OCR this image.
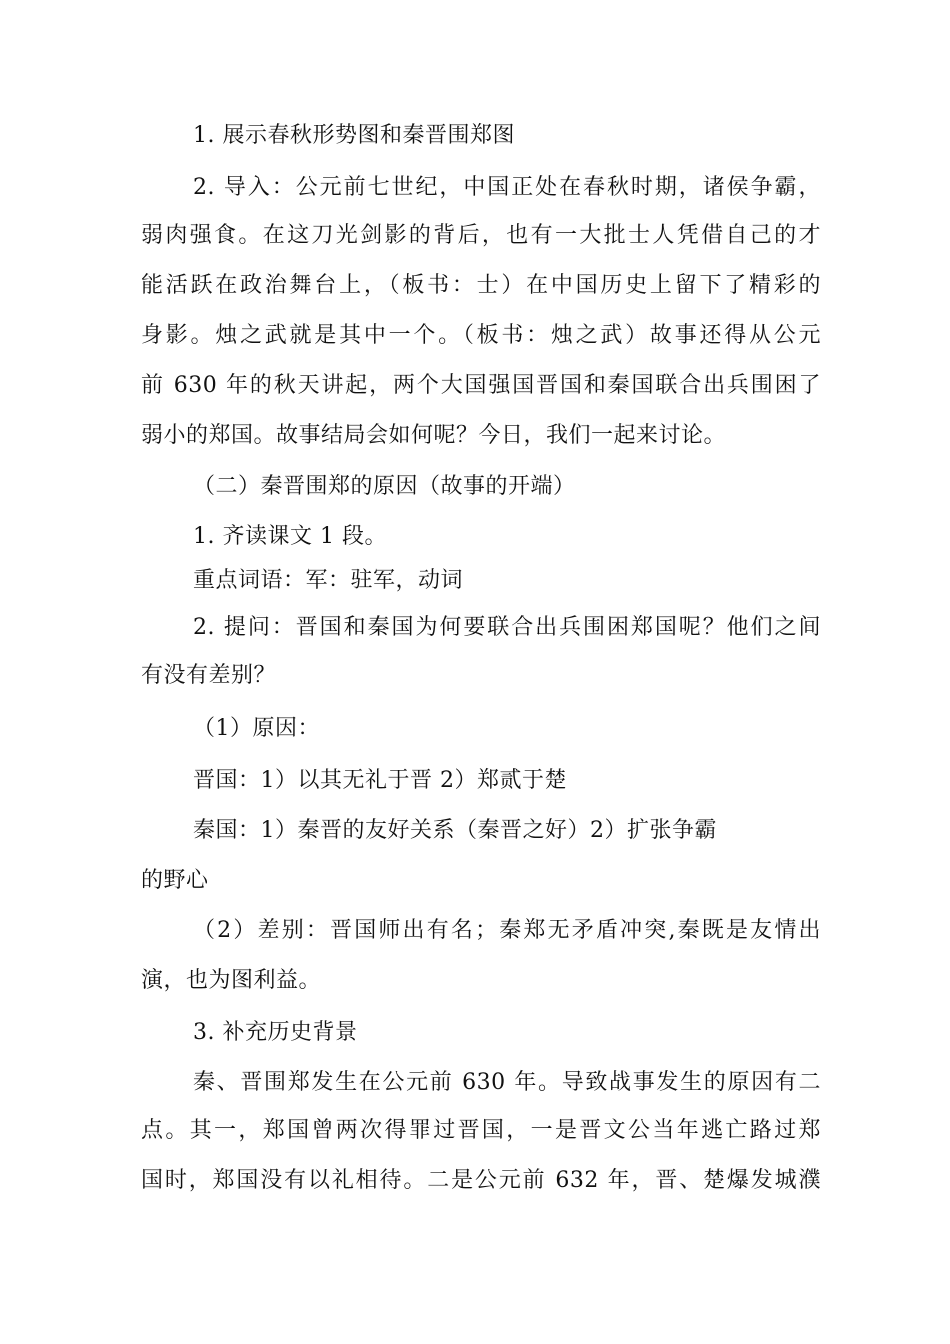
1. 展示春秋形势图和秦晋围郑图
2. 导入：公元前七世纪，中国正处在春秋时期，诸侯争霸，
弱肉强食。在这刀光剑影的背后，也有一大批士人凭借自己的才
能活跃在政治舞台上，（板书：士）在中国历史上留下了精彩的
身影。烛之武就是其中一个。（板书：烛之武）故事还得从公元
前 630 年的秋天讲起，两个大国强国晋国和秦国联合出兵围困了
弱小的郑国。故事结局会如何呢？今日，我们一起来讨论。
（二）秦晋围郑的原因（故事的开端）
1. 齐读课文 1 段。
重点词语：军：驻军，动词
2. 提问：晋国和秦国为何要联合出兵围困郑国呢？他们之间
有没有差别？
（1）原因：
晋国：1）以其无礼于晋 2）郑贰于楚
秦国：1）秦晋的友好关系（秦晋之好）2）扩张争霸
的野心
（2）差别：晋国师出有名；秦郑无矛盾冲突,秦既是友情出
演，也为图利益。
3. 补充历史背景
秦、晋围郑发生在公元前 630 年。导致战事发生的原因有二
点。其一，郑国曾两次得罪过晋国，一是晋文公当年逃亡路过郑
国时，郑国没有以礼相待。二是公元前 632 年，晋、楚爆发城濮
